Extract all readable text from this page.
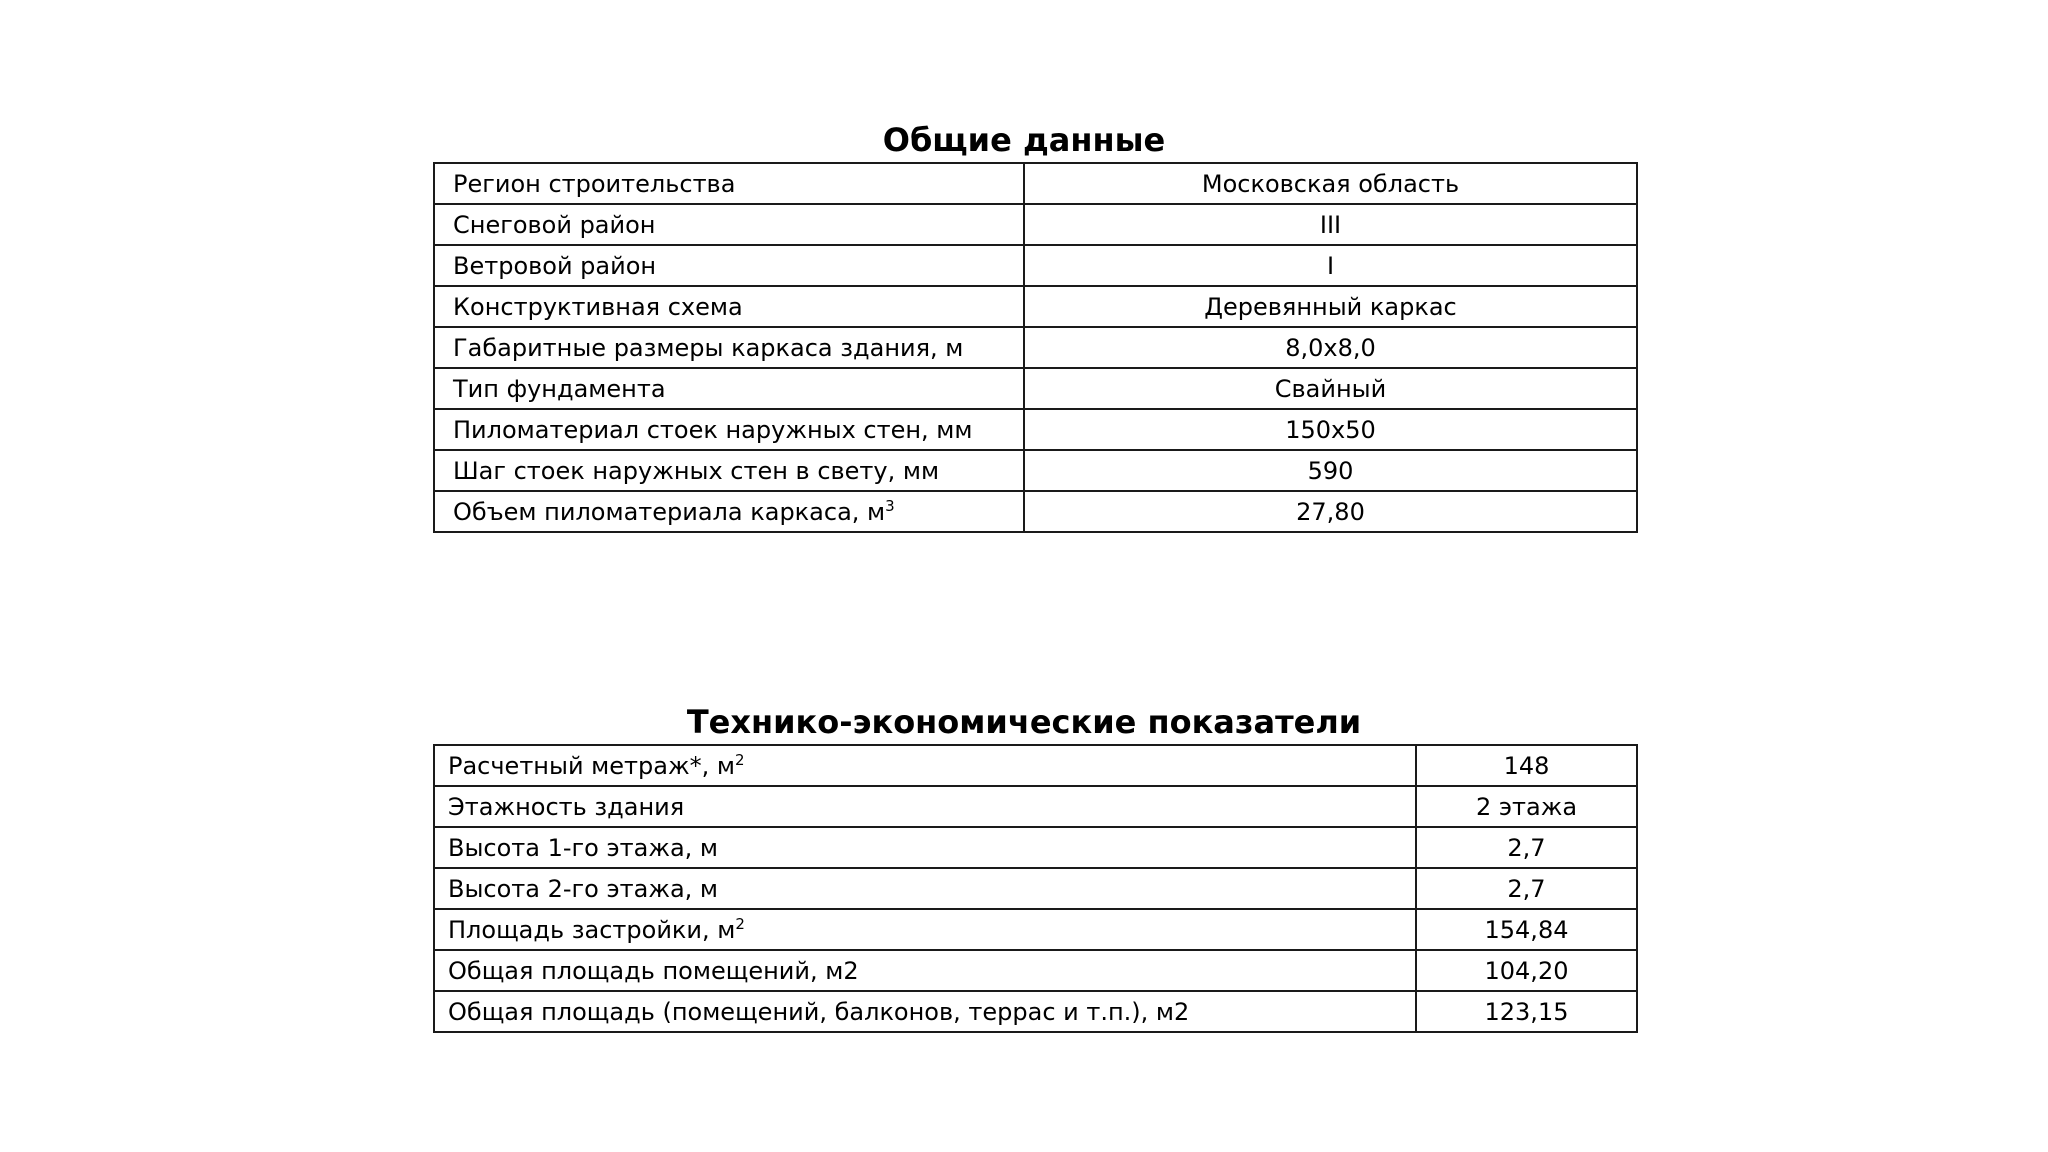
Общие данные
Регион строительства	Московская область
Снеговой район	III
Ветровой район	I
Конструктивная схема	Деревянный каркас
Габаритные размеры каркаса здания, м	8,0х8,0
Тип фундамента	Свайный
Пиломатериал стоек наружных стен, мм	150х50
Шаг стоек наружных стен в свету, мм	590
Объем пиломатериала каркаса, $м^3$	27,80
Технико-экономические показатели
Расчетный метраж*, $м^2$	148
Этажность здания	2 этажа
Высота 1-го этажа, м	2,7
Высота 2-го этажа, м	2,7
Площадь застройки, $м^2$	154,84
Общая площадь помещений, м2	104,20
Общая площадь (помещений, балконов, террас и т.п.), м2	123,15
